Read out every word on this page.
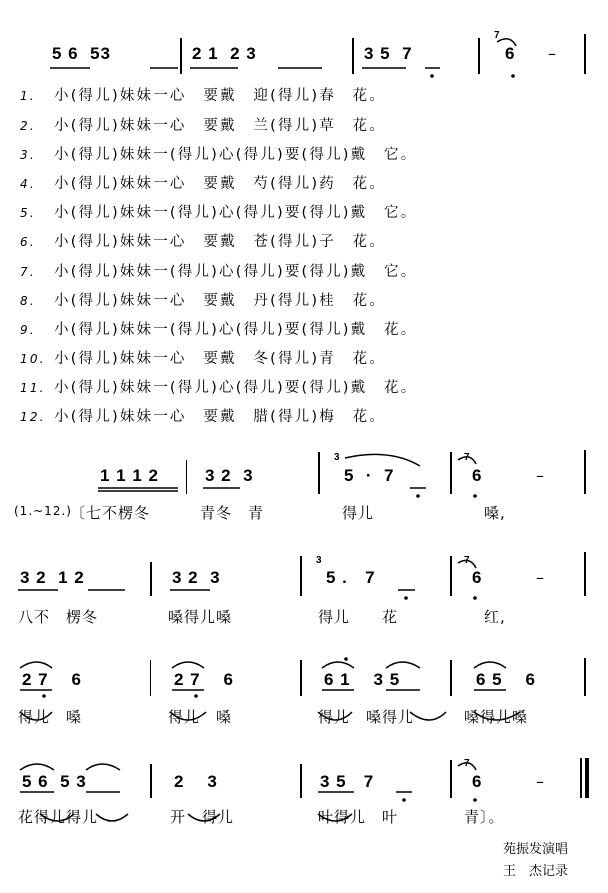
5 6  53	2 1  2 3	3 5  7
7
6 –
1. 小(得儿)妹妹一心　要戴　迎(得儿)春　花。
2. 小(得儿)妹妹一心　要戴　兰(得儿)草　花。
3. 小(得儿)妹妹一(得儿)心(得儿)要(得儿)戴　它。
4. 小(得儿)妹妹一心　要戴　芍(得儿)药　花。
5. 小(得儿)妹妹一(得儿)心(得儿)要(得儿)戴　它。
6. 小(得儿)妹妹一心　要戴　苍(得儿)子　花。
7. 小(得儿)妹妹一(得儿)心(得儿)要(得儿)戴　它。
8. 小(得儿)妹妹一心　要戴　丹(得儿)桂　花。
9. 小(得儿)妹妹一(得儿)心(得儿)要(得儿)戴　花。
10. 小(得儿)妹妹一心　要戴　冬(得儿)青　花。
11. 小(得儿)妹妹一(得儿)心(得儿)要(得儿)戴　花。
12. 小(得儿)妹妹一心　要戴　腊(得儿)梅　花。
1 1 1 2	3 2  3
3
5  ·  7
7
6	–
(1.~12.)
〔七不楞冬	青冬　青	得儿	嗓,
3 2  1 2	3 2  3
3
5 .   7
7
6	–
八不　楞冬	嗓得儿嗓	得儿　　花	红,
2 7    6	2 7    6	6 1    3 5	6 5    6
得儿　嗓	得儿　嗓	得儿　嗓得儿	嗓得儿嗓
5 6  5 3	2    3	3 5   7
7
6	–
花得儿得儿	开　得儿	叶得儿　叶	青〕。
苑振发演唱
王　杰记录
